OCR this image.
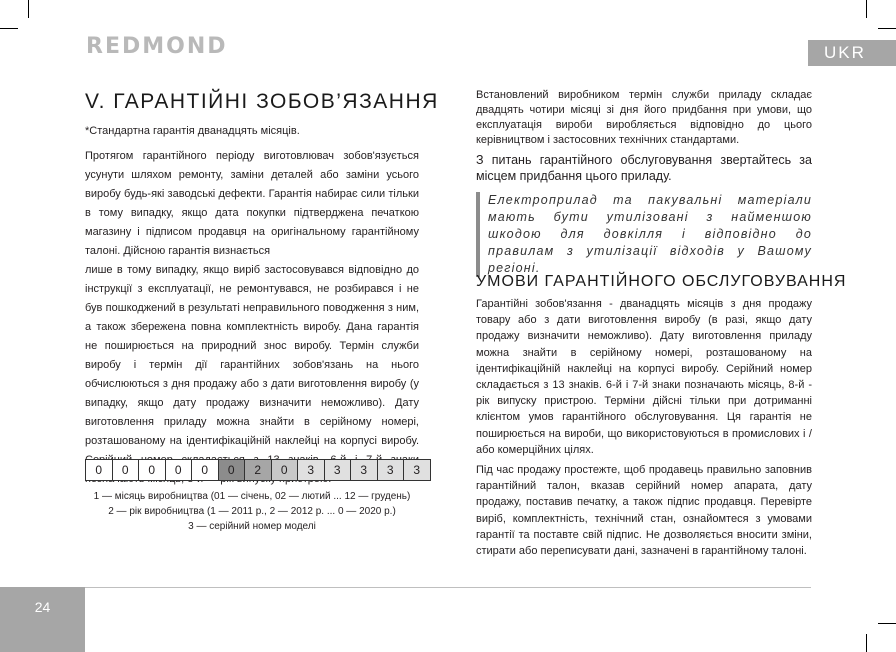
REDMOND	UKR
V. ГАРАНТІЙНІ ЗОБОВ’ЯЗАННЯ

*Стандартна гарантія дванадцять місяців.

Протягом гарантійного періоду виготовлювач зобов'язується усунути шляхом ремонту, заміни деталей або заміни усього виробу будь-які заводські дефекти. Гарантія набирає сили тільки в тому випадку, якщо дата покупки підтверджена печаткою магазину і підписом продавця на оригінальному гарантійному талоні. Дійсною гарантія визнається

лише в тому випадку, якщо виріб застосовувався відповідно до інструкції з експлуатації, не ремонтувався, не розбирався і не був пошкоджений в результаті неправильного поводження з ним, а також збережена повна комплектність виробу. Дана гарантія не поширюється на природний знос виробу. Термін служби виробу і термін дії гарантійних зобов'язань на нього обчислюються з дня продажу або з дати виготовлення виробу (у випадку, якщо дату продажу визначити неможливо). Дату виготовлення приладу можна знайти в серійному номері, розташованому на ідентифікаційній наклейці на корпусі виробу.

0	0	0	0	0	0	2	0	3	3	3	3	3
1 — місяць виробництва (01 — січень, 02 — лютий ... 12 — грудень)
2 — рік виробництва (1 — 2011 р., 2 — 2012 р. ... 0 — 2020 р.)
3 — серійний номер моделі

Встановлений виробником термін служби приладу складає двадцять чотири місяці зі дня його придбання при умови, що експлуатація вироби виробляється відповідно до цього керівництвом і застосовних технічних стандартами.

З питань гарантійного обслуговування звертайтесь за місцем придбання цього приладу.

Електроприлад та пакувальні матеріали мають бути утилізовані з найменшою шкодою для довкілля і відповідно до правилам з утилізації відходів у Вашому регіоні.
УМОВИ ГАРАНТІЙНОГО ОБСЛУГОВУВАННЯ

Гарантійні зобов'язання - дванадцять місяців з дня продажу товару або з дати виготовлення виробу (в разі, якщо дату продажу визначити неможливо). Дату виготовлення приладу можна знайти в серійному номері, розташованому на ідентифікаційній наклейці на корпусі виробу. Серійний номер складається з 13 знаків. 6-й і 7-й знаки позначають місяць, 8-й - рік випуску пристрою. Терміни дійсні тільки при дотриманні клієнтом умов гарантійного обслуговування. Ця гарантія не поширюється на вироби, що використовуються в промислових і / або комерційних цілях.

Під час продажу простежте, щоб продавець правильно заповнив гарантійний талон, вказав серійний номер апарата, дату продажу, поставив печатку, а також підпис продавця. Перевірте виріб, комплектність, технічний стан, ознайомтеся з умовами гарантії та поставте свій підпис. Не дозволяється вносити зміни, стирати або переписувати дані, зазначені в гарантійному талоні.

24
